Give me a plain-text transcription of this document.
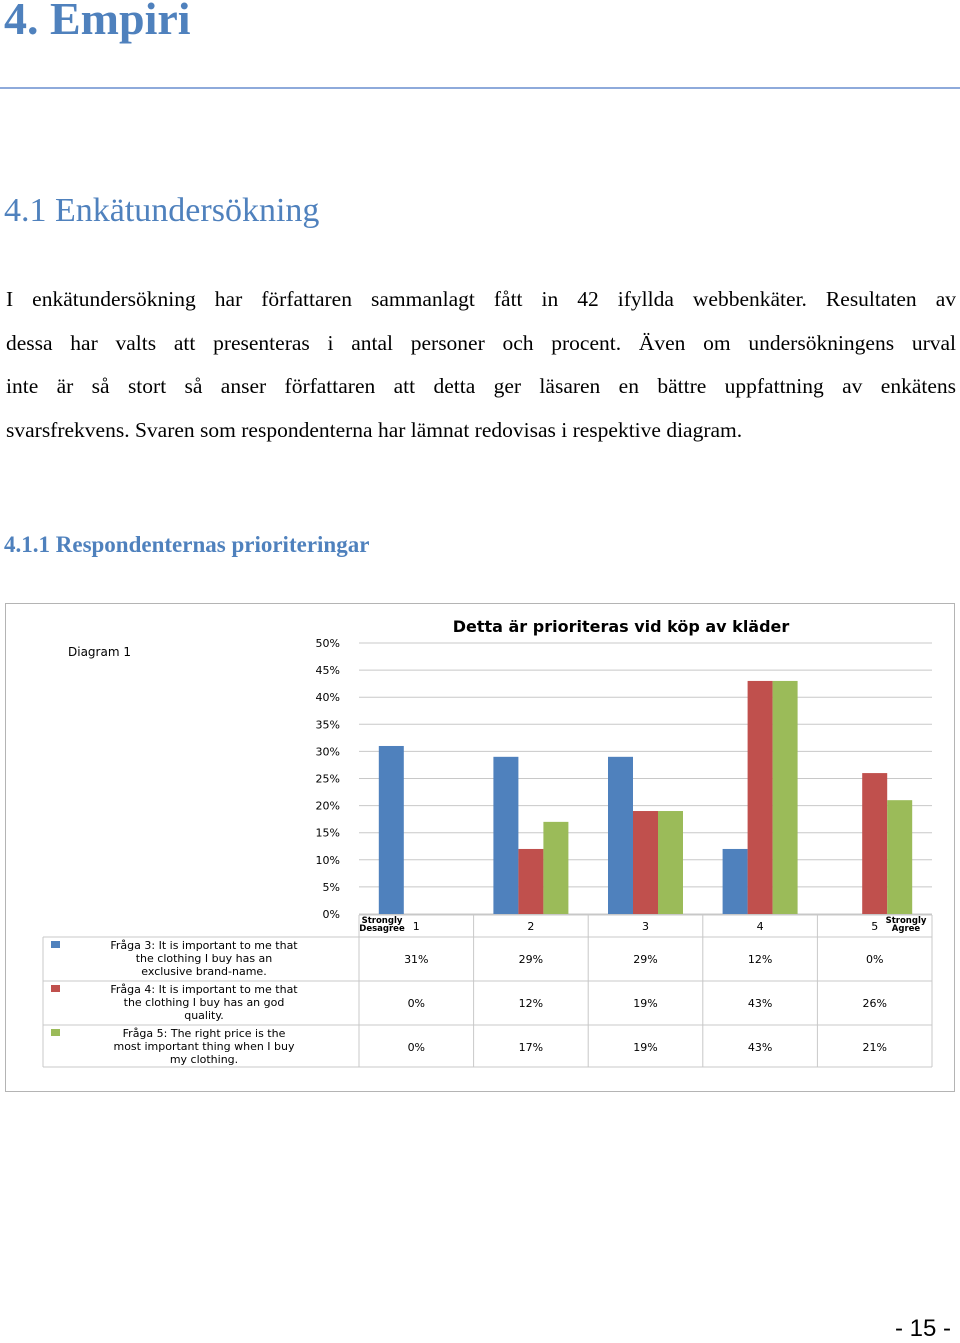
4. Empiri
4.1 Enkätundersökning
I enkätundersökning har författaren sammanlagt fått in 42 ifyllda webbenkäter. Resultaten av
dessa har valts att presenteras i antal personer och procent. Även om undersökningens urval
inte är så stort så anser författaren att detta ger läsaren en bättre uppfattning av enkätens
svarsfrekvens. Svaren som respondenterna har lämnat redovisas i respektive diagram.
4.1.1 Respondenternas prioriteringar
Detta är prioriteras vid köp av kläder
Diagram 1
0%
5%
10%
15%
20%
25%
30%
35%
40%
45%
50%
1	2	3	4	5
Strongly
Desagree
Strongly
Agree
Fråga 3: It is important to me that
the clothing I buy has an
exclusive brand-name.
31%	29%	29%	12%	0%
Fråga 4: It is important to me that
the clothing I buy has an god
quality.
0%	12%	19%	43%	26%
Fråga 5: The right price is the
most important thing when I buy
my clothing.
0%	17%	19%	43%	21%
- 15 -
